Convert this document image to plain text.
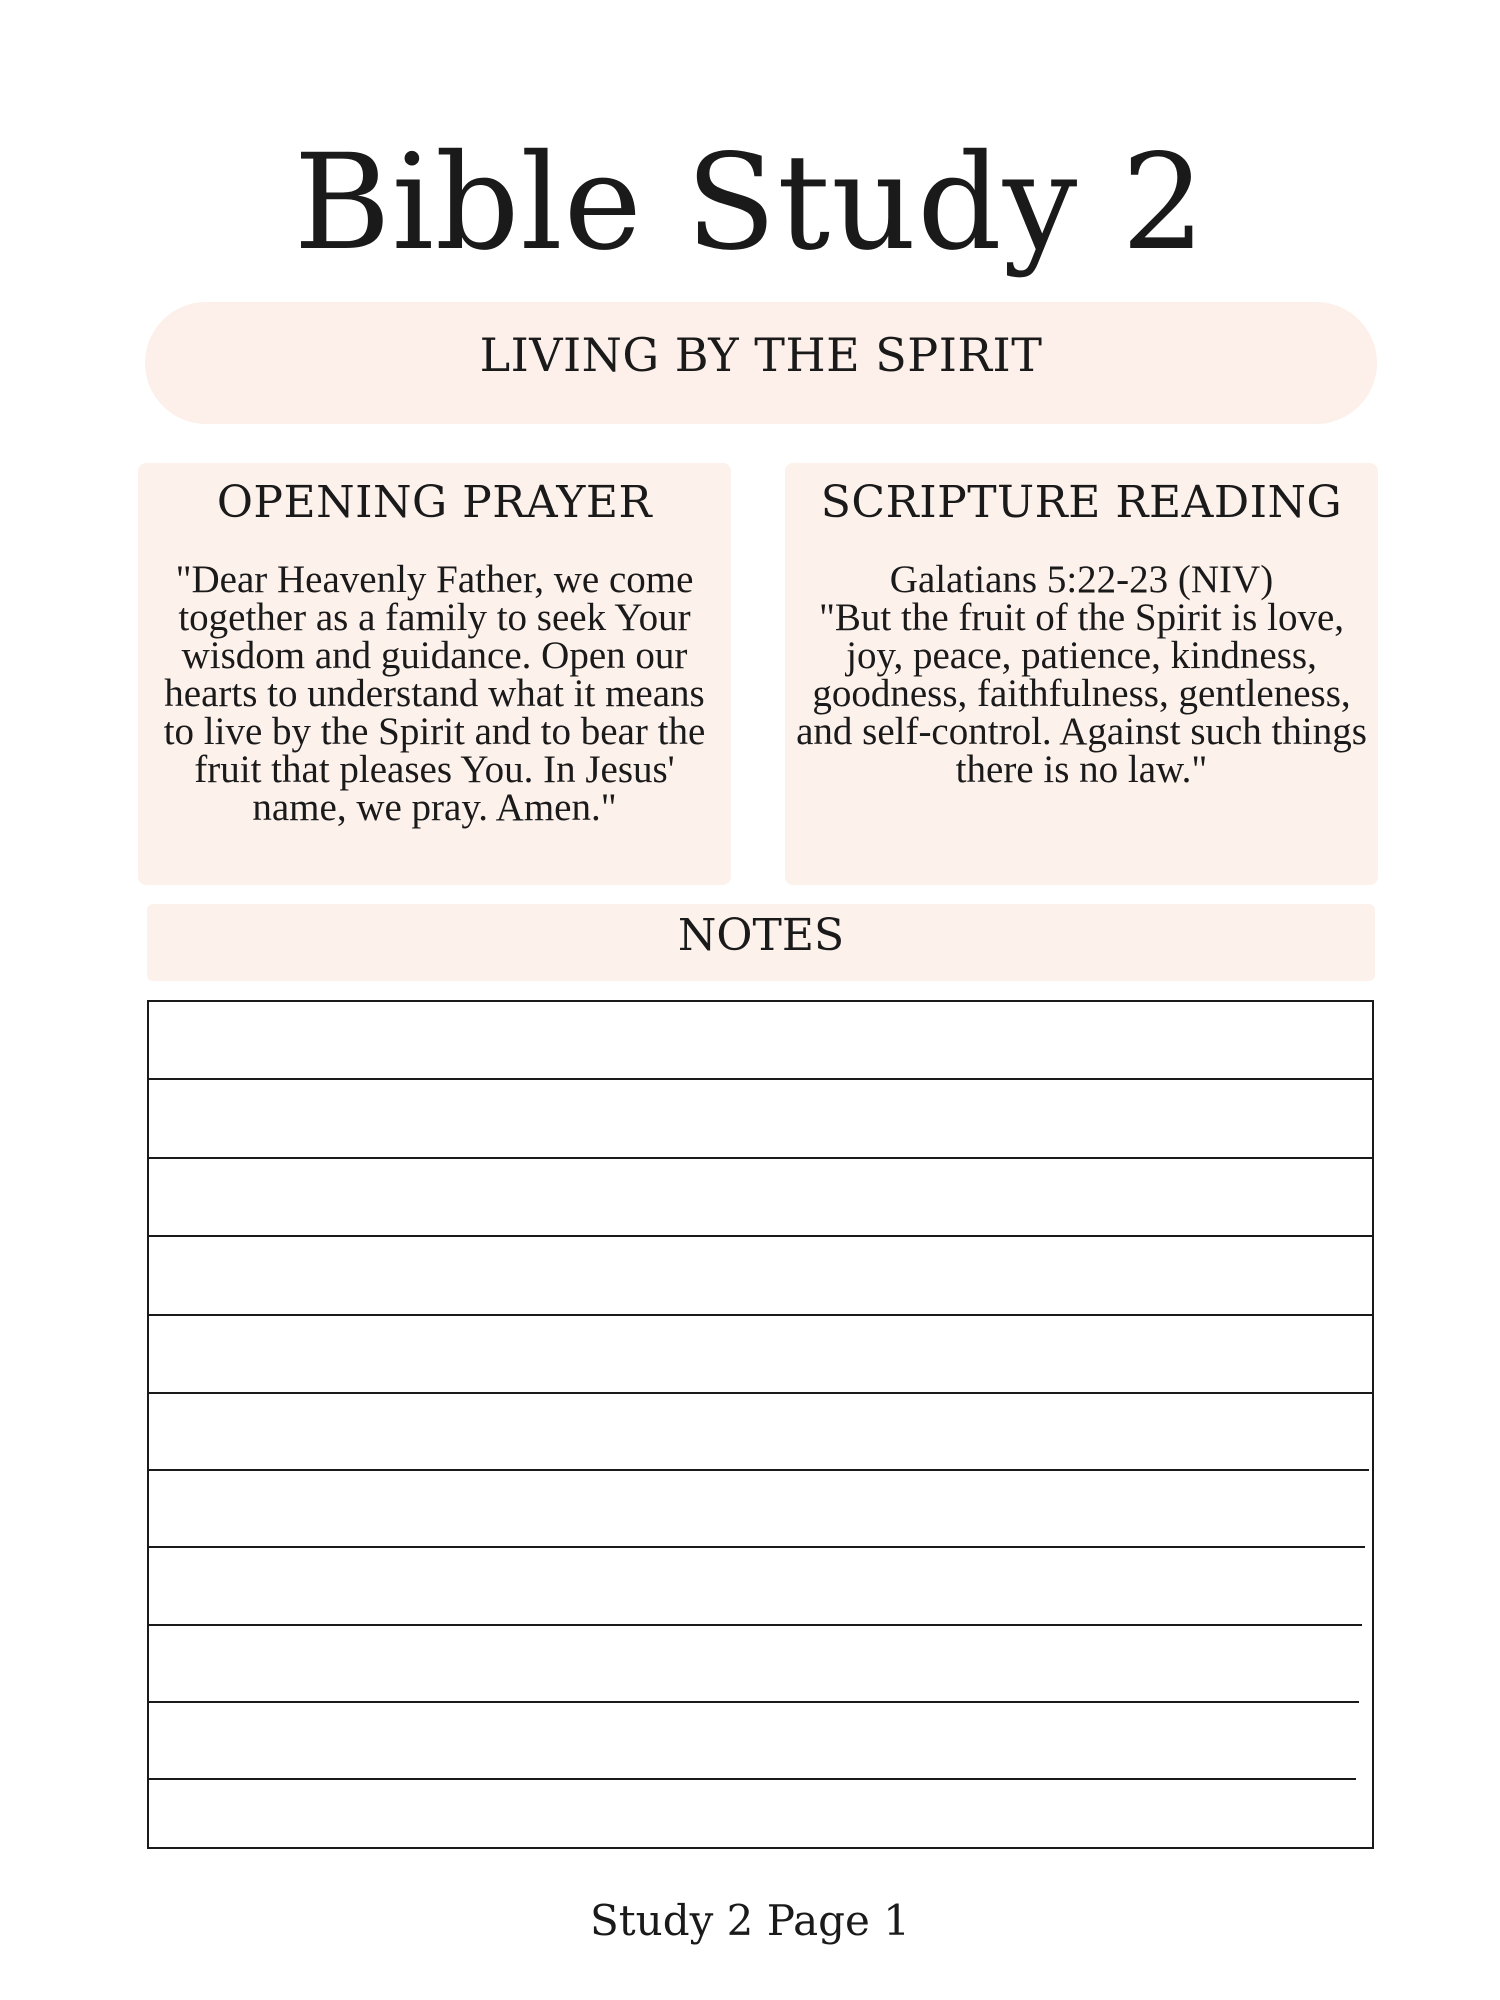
Bible Study 2
LIVING BY THE SPIRIT
OPENING PRAYER
"Dear Heavenly Father, we come together as a family to seek Your wisdom and guidance. Open our hearts to understand what it means to live by the Spirit and to bear the fruit that pleases You. In Jesus' name, we pray. Amen."
SCRIPTURE READING
Galatians 5:22-23 (NIV)
"But the fruit of the Spirit is love, joy, peace, patience, kindness, goodness, faithfulness, gentleness, and self-control. Against such things there is no law."
NOTES
Study 2 Page 1
